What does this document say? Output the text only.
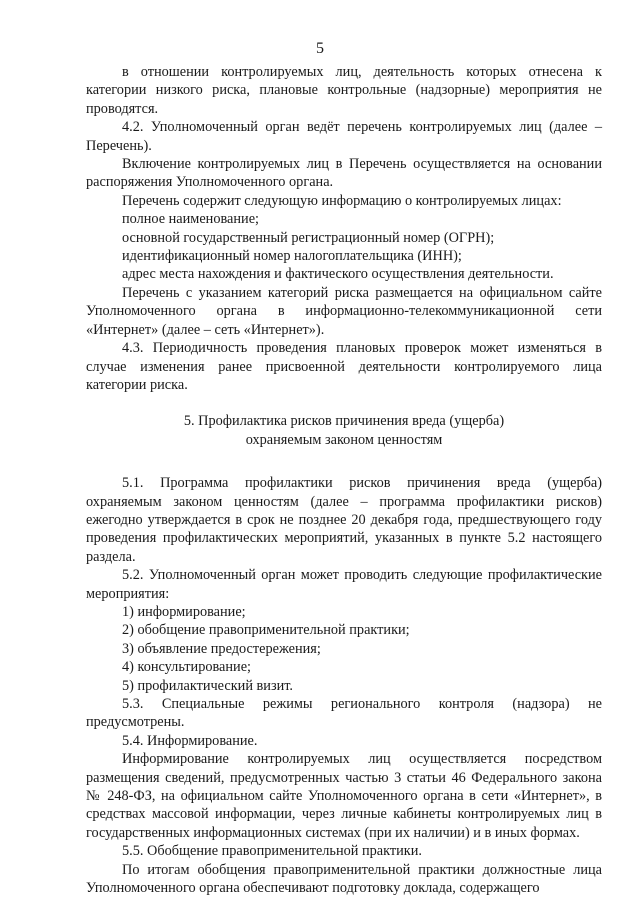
5

в отношении контролируемых лиц, деятельность которых отнесена к категории низкого риска, плановые контрольные (надзорные) мероприятия не проводятся.

4.2. Уполномоченный орган ведёт перечень контролируемых лиц (далее – Перечень).

Включение контролируемых лиц в Перечень осуществляется на основании распоряжения Уполномоченного органа.

Перечень содержит следующую информацию о контролируемых лицах:

полное наименование;

основной государственный регистрационный номер (ОГРН);

идентификационный номер налогоплательщика (ИНН);

адрес места нахождения и фактического осуществления деятельности.

Перечень с указанием категорий риска размещается на официальном сайте Уполномоченного органа в информационно-телекоммуникационной сети «Интернет» (далее – сеть «Интернет»).

4.3. Периодичность проведения плановых проверок может изменяться в случае изменения ранее присвоенной деятельности контролируемого лица категории риска.

5. Профилактика рисков причинения вреда (ущерба)

охраняемым законом ценностям

5.1. Программа профилактики рисков причинения вреда (ущерба) охраняемым законом ценностям (далее – программа профилактики рисков) ежегодно утверждается в срок не позднее 20 декабря года, предшествующего году проведения профилактических мероприятий, указанных в пункте 5.2 настоящего раздела.

5.2. Уполномоченный орган может проводить следующие профилактические мероприятия:

1) информирование;

2) обобщение правоприменительной практики;

3) объявление предостережения;

4) консультирование;

5) профилактический визит.

5.3. Специальные режимы регионального контроля (надзора) не предусмотрены.

5.4. Информирование.

Информирование контролируемых лиц осуществляется посредством размещения сведений, предусмотренных частью 3 статьи 46 Федерального закона № 248-ФЗ, на официальном сайте Уполномоченного органа в сети «Интернет», в средствах массовой информации, через личные кабинеты контролируемых лиц в государственных информационных системах (при их наличии) и в иных формах.

5.5. Обобщение правоприменительной практики.

По итогам обобщения правоприменительной практики должностные лица Уполномоченного органа обеспечивают подготовку доклада, содержащего
